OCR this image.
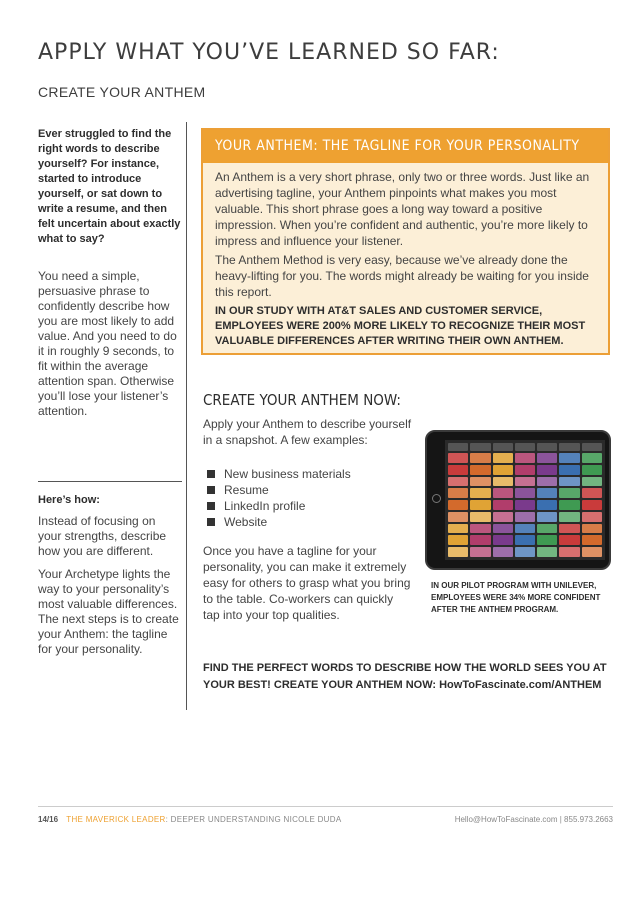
APPLY WHAT YOU’VE LEARNED SO FAR:
CREATE YOUR ANTHEM
Ever struggled to find the right words to describe yourself? For instance, started to introduce yourself, or sat down to write a resume, and then felt uncertain about exactly what to say?
You need a simple, persuasive phrase to confidently describe how you are most likely to add value. And you need to do it in roughly 9 seconds, to fit within the average attention span. Otherwise you’ll lose your listener’s attention.
Here’s how:

Instead of focusing on your strengths, describe how you are different.

Your Archetype lights the way to your personality’s most valuable differences. The next steps is to create your Anthem: the tagline for your personality.

YOUR ANTHEM: THE TAGLINE FOR YOUR PERSONALITY

An Anthem is a very short phrase, only two or three words. Just like an advertising tagline, your Anthem pinpoints what makes you most valuable. This short phrase goes a long way toward a positive impression. When you’re confident and authentic, you’re more likely to impress and influence your listener.

The Anthem Method is very easy, because we’ve already done the heavy-lifting for you. The words might already be waiting for you inside this report.

IN OUR STUDY WITH AT&T SALES AND CUSTOMER SERVICE, EMPLOYEES WERE 200% MORE LIKELY TO RECOGNIZE THEIR MOST VALUABLE DIFFERENCES AFTER WRITING THEIR OWN ANTHEM.

CREATE YOUR ANTHEM NOW:
Apply your Anthem to describe yourself in a snapshot. A few examples:
New business materials
Resume
LinkedIn profile
Website
Once you have a tagline for your personality, you can make it extremely easy for others to grasp what you bring to the table. Co-workers can quickly tap into your top qualities.
IN OUR PILOT PROGRAM WITH UNILEVER, EMPLOYEES WERE 34% MORE CONFIDENT AFTER THE ANTHEM PROGRAM.
FIND THE PERFECT WORDS TO DESCRIBE HOW THE WORLD SEES YOU AT YOUR BEST! CREATE YOUR ANTHEM NOW: HowToFascinate.com/ANTHEM
14/16 THE MAVERICK LEADER: DEEPER UNDERSTANDING NICOLE DUDA	Hello@HowToFascinate.com | 855.973.2663
